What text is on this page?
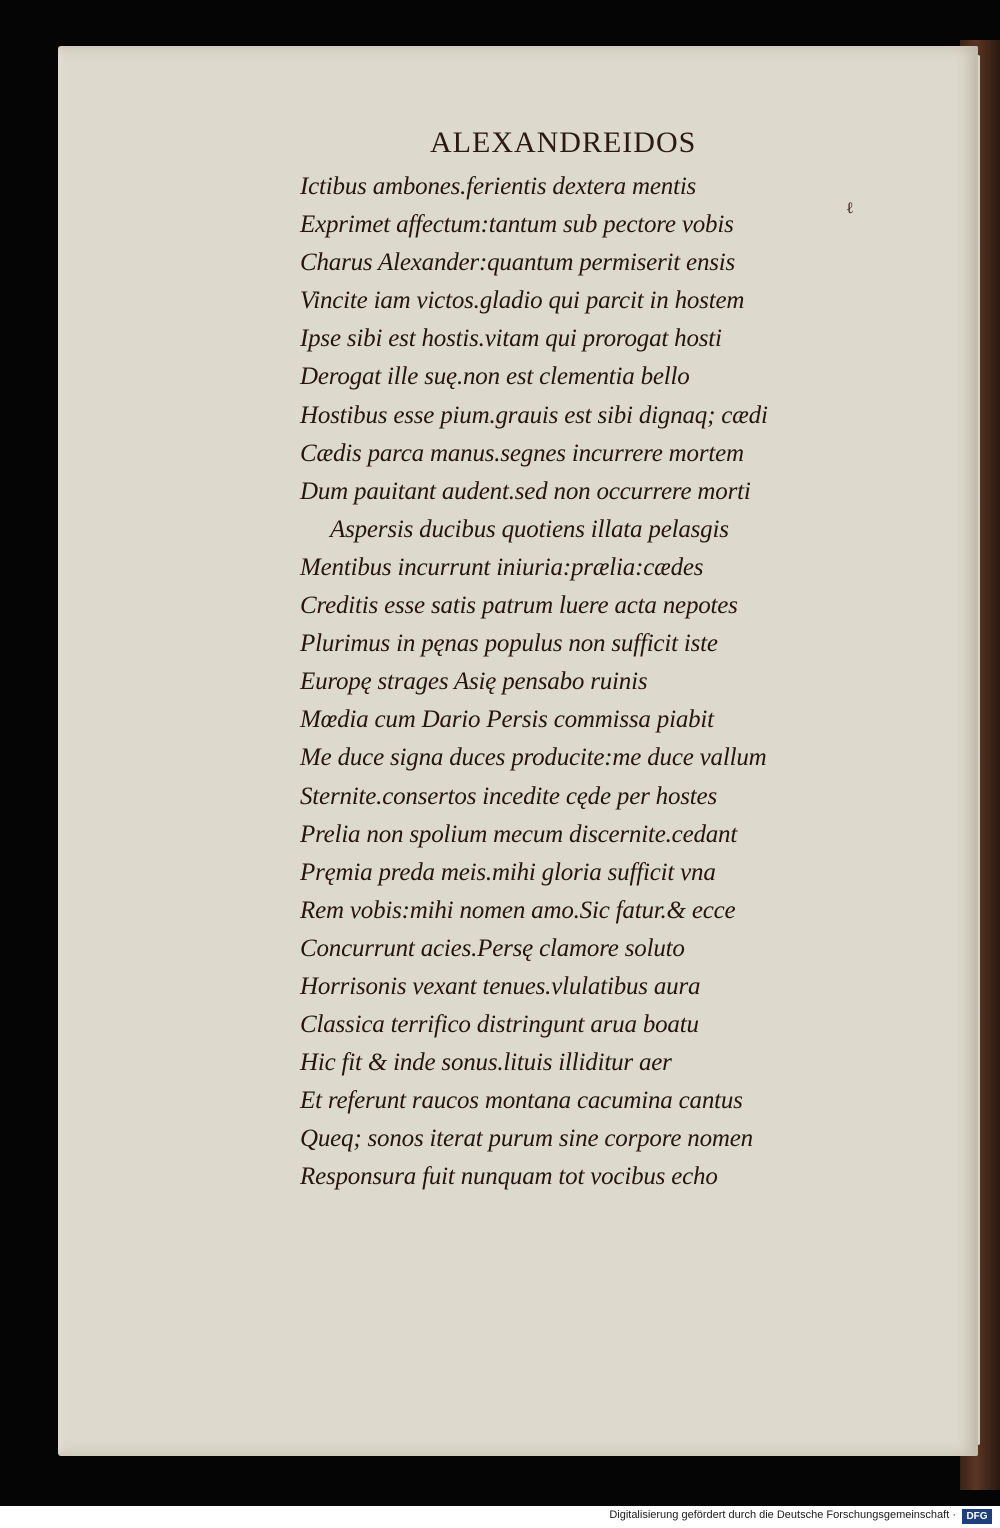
ALEXANDREIDOS
ℓ
Ictibus ambones.ferientis dextera mentis
Exprimet affectum:tantum sub pectore vobis
Charus Alexander:quantum permiserit ensis
Vincite iam victos.gladio qui parcit in hostem
Ipse sibi est hostis.vitam qui prorogat hosti
Derogat ille suę.non est clementia bello
Hostibus esse pium.grauis est sibi dignaq; cædi
Cædis parca manus.segnes incurrere mortem
Dum pauitant audent.sed non occurrere morti
Aspersis ducibus quotiens illata pelasgis
Mentibus incurrunt iniuria:prælia:cædes
Creditis esse satis patrum luere acta nepotes
Plurimus in pęnas populus non sufficit iste
Europę strages Asię pensabo ruinis
Mœdia cum Dario Persis commissa piabit
Me duce signa duces producite:me duce vallum
Sternite.consertos incedite cęde per hostes
Prelia non spolium mecum discernite.cedant
Pręmia preda meis.mihi gloria sufficit vna
Rem vobis:mihi nomen amo.Sic fatur.& ecce
Concurrunt acies.Persę clamore soluto
Horrisonis vexant tenues.vlulatibus aura
Classica terrifico distringunt arua boatu
Hic fit & inde sonus.lituis illiditur aer
Et referunt raucos montana cacumina cantus
Queq; sonos iterat purum sine corpore nomen
Responsura fuit nunquam tot vocibus echo
Digitalisierung gefördert durch die Deutsche Forschungsgemeinschaft ·	DFG
